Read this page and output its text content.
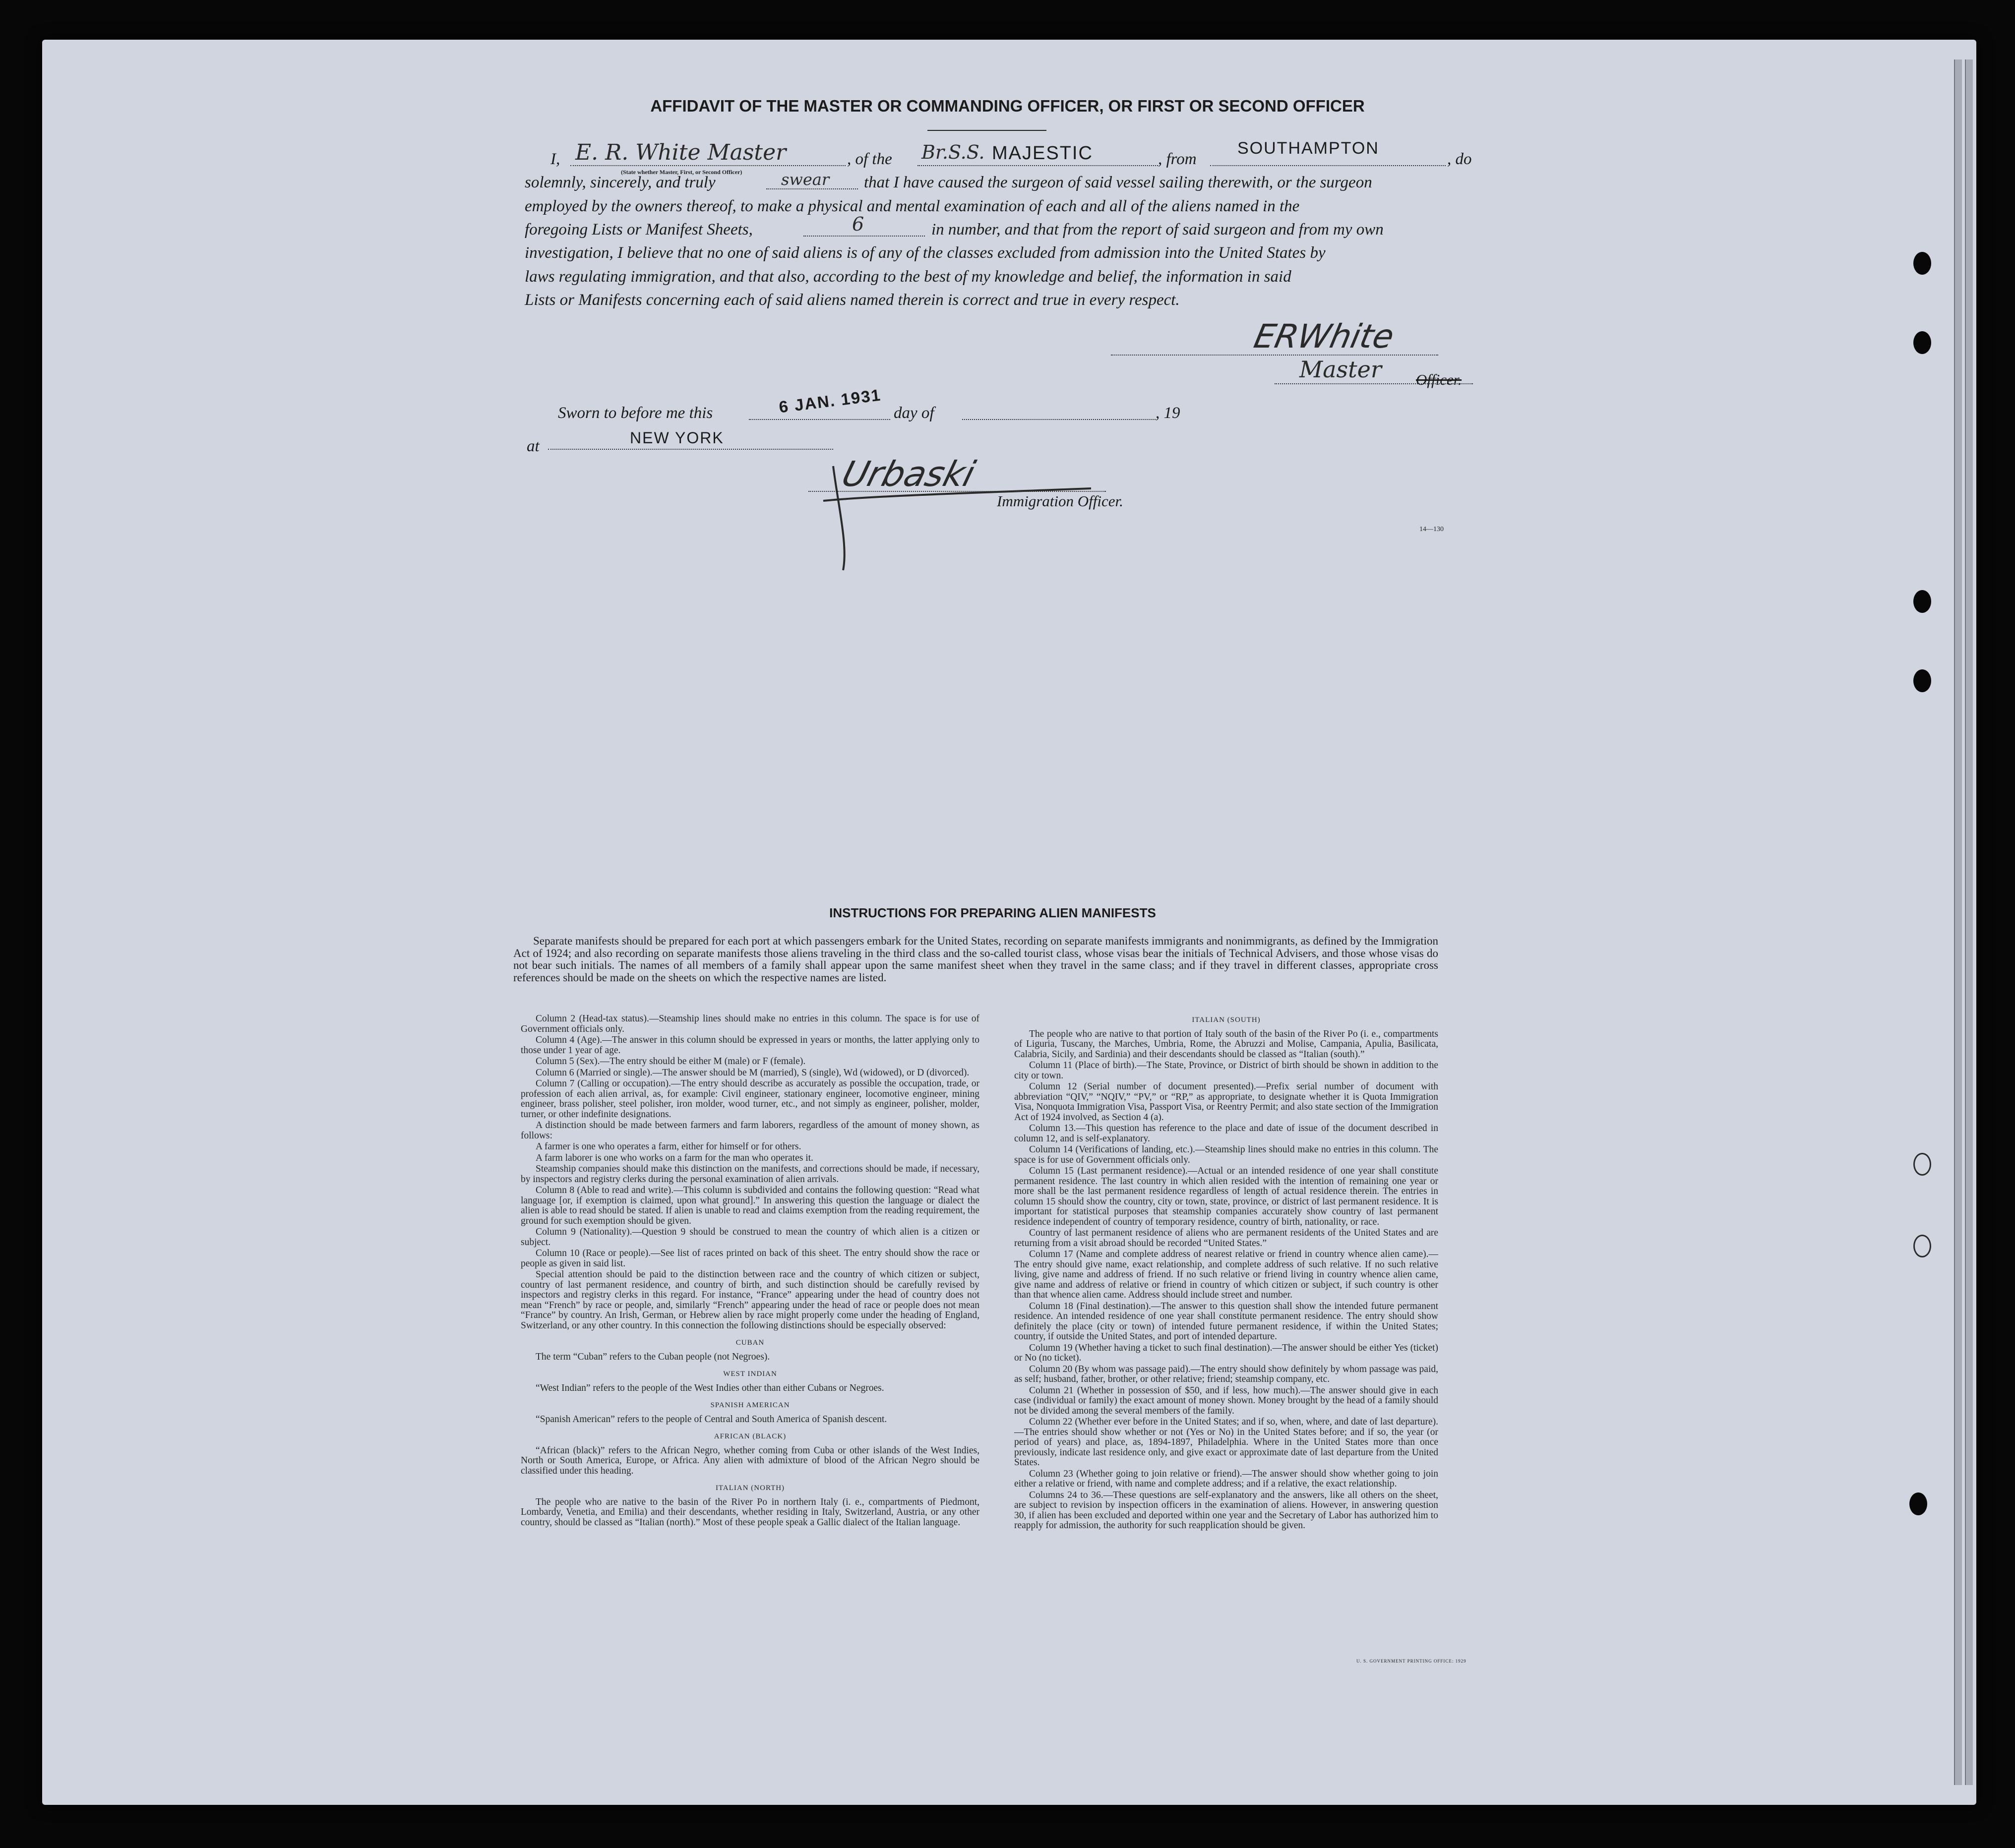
AFFIDAVIT OF THE MASTER OR COMMANDING OFFICER, OR FIRST OR SECOND OFFICER
I, E. R. White Master
(State whether Master, First, or Second Officer)
, of the Br.S.S. MAJESTIC	, from
SOUTHAMPTON
, do
solemnly, sincerely, and truly	swear that I have caused the surgeon of said vessel sailing therewith, or the surgeon
employed by the owners thereof, to make a physical and mental examination of each and all of the aliens named in the
foregoing Lists or Manifest Sheets,	6	in number, and that from the report of said surgeon and from my own
investigation, I believe that no one of said aliens is of any of the classes excluded from admission into the United States by
laws regulating immigration, and that also, according to the best of my knowledge and belief, the information in said
Lists or Manifests concerning each of said aliens named therein is correct and true in every respect.
ERWhite
Master Officer.
Sworn to before me this	6 JAN. 1931 day of	, 19
at	NEW YORK
Urbaski
Immigration Officer.
14—130
INSTRUCTIONS FOR PREPARING ALIEN MANIFESTS
Separate manifests should be prepared for each port at which passengers embark for the United States, recording on separate manifests immigrants and nonimmigrants, as defined by the Immigration Act of 1924; and also recording on separate manifests those aliens traveling in the third class and the so-called tourist class, whose visas bear the initials of Technical Advisers, and those whose visas do not bear such initials. The names of all members of a family shall appear upon the same manifest sheet when they travel in the same class; and if they travel in different classes, appropriate cross references should be made on the sheets on which the respective names are listed.

Column 2 (Head-tax status).—Steamship lines should make no entries in this column. The space is for use of Government officials only.

Column 4 (Age).—The answer in this column should be expressed in years or months, the latter applying only to those under 1 year of age.

Column 5 (Sex).—The entry should be either M (male) or F (female).

Column 6 (Married or single).—The answer should be M (married), S (single), Wd (widowed), or D (divorced).

Column 7 (Calling or occupation).—The entry should describe as accurately as possible the occupation, trade, or profession of each alien arrival, as, for example: Civil engineer, stationary engineer, locomotive engineer, mining engineer, brass polisher, steel polisher, iron molder, wood turner, etc., and not simply as engineer, polisher, molder, turner, or other indefinite designations.

A distinction should be made between farmers and farm laborers, regardless of the amount of money shown, as follows:

A farmer is one who operates a farm, either for himself or for others.

A farm laborer is one who works on a farm for the man who operates it.

Steamship companies should make this distinction on the manifests, and corrections should be made, if necessary, by inspectors and registry clerks during the personal examination of alien arrivals.

Column 8 (Able to read and write).—This column is subdivided and contains the following question: “Read what language [or, if exemption is claimed, upon what ground].” In answering this question the language or dialect the alien is able to read should be stated. If alien is unable to read and claims exemption from the reading requirement, the ground for such exemption should be given.

Column 9 (Nationality).—Question 9 should be construed to mean the country of which alien is a citizen or subject.

Column 10 (Race or people).—See list of races printed on back of this sheet. The entry should show the race or people as given in said list.

Special attention should be paid to the distinction between race and the country of which citizen or subject, country of last permanent residence, and country of birth, and such distinction should be carefully revised by inspectors and registry clerks in this regard. For instance, “France” appearing under the head of country does not mean “French” by race or people, and, similarly “French” appearing under the head of race or people does not mean “France” by country. An Irish, German, or Hebrew alien by race might properly come under the heading of England, Switzerland, or any other country. In this connection the following distinctions should be especially observed:

CUBAN

The term “Cuban” refers to the Cuban people (not Negroes).

WEST INDIAN

“West Indian” refers to the people of the West Indies other than either Cubans or Negroes.

SPANISH AMERICAN

“Spanish American” refers to the people of Central and South America of Spanish descent.

AFRICAN (BLACK)

“African (black)” refers to the African Negro, whether coming from Cuba or other islands of the West Indies, North or South America, Europe, or Africa. Any alien with admixture of blood of the African Negro should be classified under this heading.

ITALIAN (NORTH)

The people who are native to the basin of the River Po in northern Italy (i. e., compartments of Piedmont, Lombardy, Venetia, and Emilia) and their descendants, whether residing in Italy, Switzerland, Austria, or any other country, should be classed as “Italian (north).” Most of these people speak a Gallic dialect of the Italian language.

ITALIAN (SOUTH)

The people who are native to that portion of Italy south of the basin of the River Po (i. e., compartments of Liguria, Tuscany, the Marches, Umbria, Rome, the Abruzzi and Molise, Campania, Apulia, Basilicata, Calabria, Sicily, and Sardinia) and their descendants should be classed as “Italian (south).”

Column 11 (Place of birth).—The State, Province, or District of birth should be shown in addition to the city or town.

Column 12 (Serial number of document presented).—Prefix serial number of document with abbreviation “QIV,” “NQIV,” “PV,” or “RP,” as appropriate, to designate whether it is Quota Immigration Visa, Nonquota Immigration Visa, Passport Visa, or Reentry Permit; and also state section of the Immigration Act of 1924 involved, as Section 4 (a).

Column 13.—This question has reference to the place and date of issue of the document described in column 12, and is self-explanatory.

Column 14 (Verifications of landing, etc.).—Steamship lines should make no entries in this column. The space is for use of Government officials only.

Column 15 (Last permanent residence).—Actual or an intended residence of one year shall constitute permanent residence. The last country in which alien resided with the intention of remaining one year or more shall be the last permanent residence regardless of length of actual residence therein. The entries in column 15 should show the country, city or town, state, province, or district of last permanent residence. It is important for statistical purposes that steamship companies accurately show country of last permanent residence independent of country of temporary residence, country of birth, nationality, or race.

Country of last permanent residence of aliens who are permanent residents of the United States and are returning from a visit abroad should be recorded “United States.”

Column 17 (Name and complete address of nearest relative or friend in country whence alien came).—The entry should give name, exact relationship, and complete address of such relative. If no such relative living, give name and address of friend. If no such relative or friend living in country whence alien came, give name and address of relative or friend in country of which citizen or subject, if such country is other than that whence alien came. Address should include street and number.

Column 18 (Final destination).—The answer to this question shall show the intended future permanent residence. An intended residence of one year shall constitute permanent residence. The entry should show definitely the place (city or town) of intended future permanent residence, if within the United States; country, if outside the United States, and port of intended departure.

Column 19 (Whether having a ticket to such final destination).—The answer should be either Yes (ticket) or No (no ticket).

Column 20 (By whom was passage paid).—The entry should show definitely by whom passage was paid, as self; husband, father, brother, or other relative; friend; steamship company, etc.

Column 21 (Whether in possession of $50, and if less, how much).—The answer should give in each case (individual or family) the exact amount of money shown. Money brought by the head of a family should not be divided among the several members of the family.

Column 22 (Whether ever before in the United States; and if so, when, where, and date of last departure).—The entries should show whether or not (Yes or No) in the United States before; and if so, the year (or period of years) and place, as, 1894-1897, Philadelphia. Where in the United States more than once previously, indicate last residence only, and give exact or approximate date of last departure from the United States.

Column 23 (Whether going to join relative or friend).—The answer should show whether going to join either a relative or friend, with name and complete address; and if a relative, the exact relationship.

Columns 24 to 36.—These questions are self-explanatory and the answers, like all others on the sheet, are subject to revision by inspection officers in the examination of aliens. However, in answering question 30, if alien has been excluded and deported within one year and the Secretary of Labor has authorized him to reapply for admission, the authority for such reapplication should be given.

U. S. GOVERNMENT PRINTING OFFICE: 1929
